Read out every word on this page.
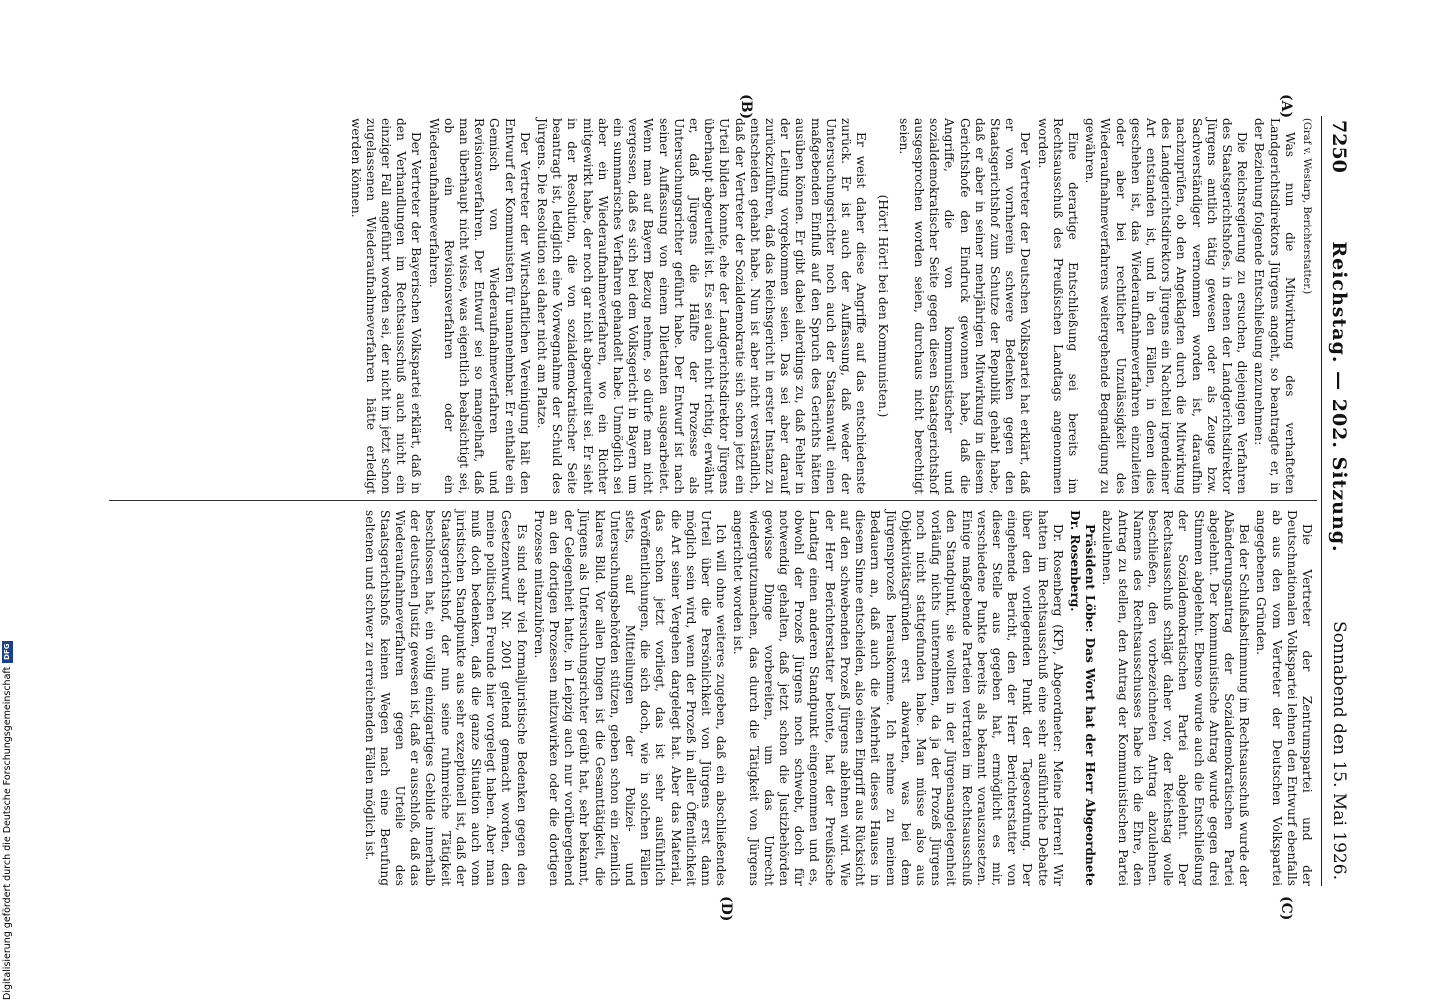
7250
Reichstag. — 202. Sitzung.
Sonnabend den 15. Mai 1926.
(A)
(B)
(C)
(D)

(Graf v. Westarp, Berichterstatter.)

Was nun die Mitwirkung des verhafteten Landgerichtsdirektors Jürgens angeht, so beantragte er, in der Beziehung folgende Entschließung anzunehmen:

Die Reichsregierung zu ersuchen, diejenigen Verfahren des Staatsgerichtshofes, in denen der Landgerichtsdirektor Jürgens amtlich tätig gewesen oder als Zeuge bzw. Sachverständiger vernommen worden ist, daraufhin nachzuprüfen, ob den Angeklagten durch die Mitwirkung des Landgerichtsdirektors Jürgens ein Nachteil irgendeiner Art entstanden ist, und in den Fällen, in denen dies geschehen ist, das Wiederaufnahmeverfahren einzuleiten oder aber bei rechtlicher Unzulässigkeit des Wiederaufnahmeverfahrens weitergehende Begnadigung zu gewähren.

Eine derartige Entschließung sei bereits im Rechtsausschuß des Preußischen Landtags angenommen worden.

Der Vertreter der Deutschen Volkspartei hat erklärt, daß er von vornherein schwere Bedenken gegen den Staatsgerichtshof zum Schutze der Republik gehabt habe, daß er aber in seiner mehrjährigen Mitwirkung in diesem Gerichtshofe den Eindruck gewonnen habe, daß die Angriffe, die von kommunistischer und sozialdemokratischer Seite gegen diesen Staatsgerichtshof ausgesprochen worden seien, durchaus nicht berechtigt seien.

(Hört! Hört! bei den Kommunisten.)

Er weist daher diese Angriffe auf das entschiedenste zurück. Er ist auch der Auffassung, daß weder der Untersuchungsrichter noch auch der Staatsanwalt einen maßgebenden Einfluß auf den Spruch des Gerichts hätten ausüben können. Er gibt dabei allerdings zu, daß Fehler in der Leitung vorgekommen seien. Das sei aber darauf zurückzuführen, daß das Reichsgericht in erster Instanz zu entscheiden gehabt habe. Nun ist aber nicht verständlich, daß der Vertreter der Sozialdemokratie sich schon jetzt ein Urteil bilden konnte, ehe der Landgerichtsdirektor Jürgens überhaupt abgeurteilt ist. Es sei auch nicht richtig, erwähnt er, daß Jürgens die Hälfte der Prozesse als Untersuchungsrichter geführt habe. Der Entwurf ist nach seiner Auffassung von einem Dilettanten ausgearbeitet. Wenn man auf Bayern Bezug nehme, so dürfe man nicht vergessen, daß es sich bei dem Volksgericht in Bayern um ein summarisches Verfahren gehandelt habe. Unmöglich sei aber ein Wiederaufnahmeverfahren, wo ein Richter mitgewirkt habe, der noch gar nicht abgeurteilt sei. Er sieht in der Resolution, die von sozialdemokratischer Seite beantragt ist, lediglich eine Vorwegnahme der Schuld des Jürgens. Die Resolution sei daher nicht am Platze.

Der Vertreter der Wirtschaftlichen Vereinigung hält den Entwurf der Kommunisten für unannehmbar. Er enthalte ein Gemisch von Wiederaufnahmeverfahren und Revisionsverfahren. Der Entwurf sei so mangelhaft, daß man überhaupt nicht wisse, was eigentlich beabsichtigt sei, ob ein Revisionsverfahren oder ein Wiederaufnahmeverfahren.

Der Vertreter der Bayerischen Volkspartei erklärt, daß in den Verhandlungen im Rechtsausschuß auch nicht ein einziger Fall angeführt worden sei, der nicht im jetzt schon zugelassenen Wiederaufnahmeverfahren hätte erledigt werden können.

Die Vertreter der Zentrumspartei und der Deutschnationalen Volkspartei lehnen den Entwurf ebenfalls ab aus den vom Vertreter der Deutschen Volkspartei angegebenen Gründen.

Bei der Schlußabstimmung im Rechtsausschuß wurde der Abänderungsantrag der Sozialdemokratischen Partei abgelehnt. Der kommunistische Antrag wurde gegen drei Stimmen abgelehnt. Ebenso wurde auch die Entschließung der Sozialdemokratischen Partei abgelehnt. Der Rechtsausschuß schlägt daher vor, der Reichstag wolle beschließen, den vorbezeichneten Antrag abzulehnen. Namens des Rechtsausschusses habe ich die Ehre, den Antrag zu stellen, den Antrag der Kommunistischen Partei abzulehnen.

Präsident Löbe: Das Wort hat der Herr Abgeordnete Dr. Rosenberg.

Dr. Rosenberg (KP), Abgeordneter: Meine Herren! Wir hatten im Rechtsausschuß eine sehr ausführliche Debatte über den vorliegenden Punkt der Tagesordnung. Der eingehende Bericht, den der Herr Berichterstatter von dieser Stelle aus gegeben hat, ermöglicht es mir, verschiedene Punkte bereits als bekannt vorauszusetzen. Einige maßgebende Parteien vertraten im Rechtsausschuß den Standpunkt, sie wollten in der Jürgensangelegenheit vorläufig nichts unternehmen, da ja der Prozeß Jürgens noch nicht stattgefunden habe. Man müsse also aus Objektivitätsgründen erst abwarten, was bei dem Jürgensprozeß herauskomme. Ich nehme zu meinem Bedauern an, daß auch die Mehrheit dieses Hauses in diesem Sinne entscheiden, also einen Eingriff aus Rücksicht auf den schwebenden Prozeß Jürgens ablehnen wird. Wie der Herr Berichterstatter betonte, hat der Preußische Landtag einen anderen Standpunkt eingenommen und es, obwohl der Prozeß Jürgens noch schwebt, doch für notwendig gehalten, daß jetzt schon die Justizbehörden gewisse Dinge vorbereiten, um das Unrecht wiedergutzumachen, das durch die Tätigkeit von Jürgens angerichtet worden ist.

Ich will ohne weiteres zugeben, daß ein abschließendes Urteil über die Persönlichkeit von Jürgens erst dann möglich sein wird, wenn der Prozeß in aller Öffentlichkeit die Art seiner Vergehen dargelegt hat. Aber das Material, das schon jetzt vorliegt, das ist sehr ausführlich Veröffentlichungen, die sich doch, wie in solchen Fällen stets, auf Mitteilungen der Polizei- und Untersuchungsbehörden stützen, geben schon ein ziemlich klares Bild. Vor allen Dingen ist die Gesamttätigkeit, die Jürgens als Untersuchungsrichter geübt hat, sehr bekannt, der Gelegenheit hatte, in Leipzig auch nur vorübergehend an den dortigen Prozessen mitzuwirken oder die dortigen Prozesse mitanzuhören.

Es sind sehr viel formaljuristische Bedenken gegen den Gesetzentwurf Nr. 2001 geltend gemacht worden, den meine politischen Freunde hier vorgelegt haben. Aber man muß doch bedenken, daß die ganze Situation auch vom juristischen Standpunkte aus sehr exzeptionell ist, daß der Staatsgerichtshof, der nun seine ruhmreiche Tätigkeit beschlossen hat, ein völlig einzigartiges Gebilde innerhalb der deutschen Justiz gewesen ist, daß er ausschloß, daß das Wiederaufnahmeverfahren gegen Urteile des Staatsgerichtshofs keinen Wegen nach eine Berufung seltenen und schwer zu erreichenden Fällen möglich ist.

Digitalisierung gefördert durch die Deutsche Forschungsgemeinschaft
DFG
